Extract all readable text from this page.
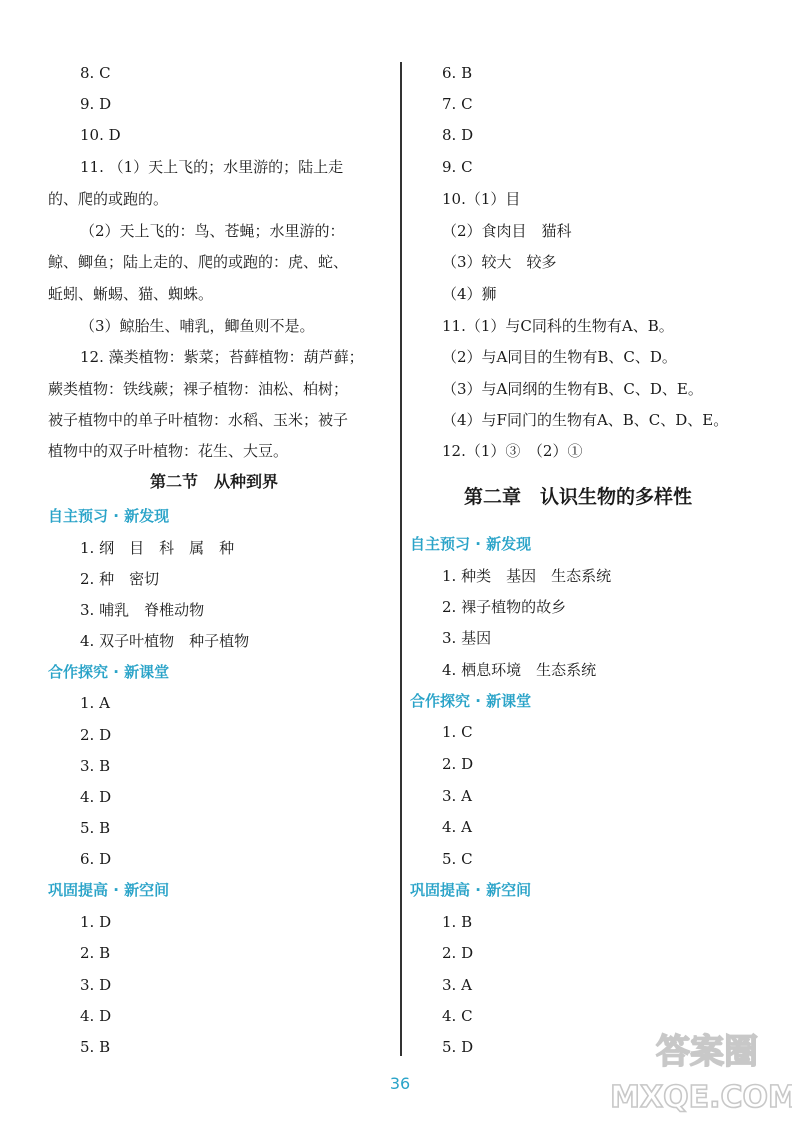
8. C
9. D
10. D
11. （1）天上飞的；水里游的；陆上走
的、爬的或跑的。
（2）天上飞的：鸟、苍蝇；水里游的：
鲸、鲫鱼；陆上走的、爬的或跑的：虎、蛇、
蚯蚓、蜥蜴、猫、蜘蛛。
（3）鲸胎生、哺乳，鲫鱼则不是。
12. 藻类植物：紫菜；苔藓植物：葫芦藓；
蕨类植物：铁线蕨；裸子植物：油松、柏树；
被子植物中的单子叶植物：水稻、玉米；被子
植物中的双子叶植物：花生、大豆。
第二节　从种到界
自主预习 · 新发现
1. 纲　目　科　属　种
2. 种　密切
3. 哺乳　脊椎动物
4. 双子叶植物　种子植物
合作探究 · 新课堂
1. A
2. D
3. B
4. D
5. B
6. D
巩固提高 · 新空间
1. D
2. B
3. D
4. D
5. B
6. B
7. C
8. D
9. C
10.（1）目
（2）食肉目　猫科
（3）较大　较多
（4）狮
11.（1）与C同科的生物有A、B。
（2）与A同目的生物有B、C、D。
（3）与A同纲的生物有B、C、D、E。
（4）与F同门的生物有A、B、C、D、E。
12.（1）③　（2）①
第二章　认识生物的多样性
自主预习 · 新发现
1. 种类　基因　生态系统
2. 裸子植物的故乡
3. 基因
4. 栖息环境　生态系统
合作探究 · 新课堂
1. C
2. D
3. A
4. A
5. C
巩固提高 · 新空间
1. B
2. D
3. A
4. C
5. D
36
答案圈
MXQE.COM
